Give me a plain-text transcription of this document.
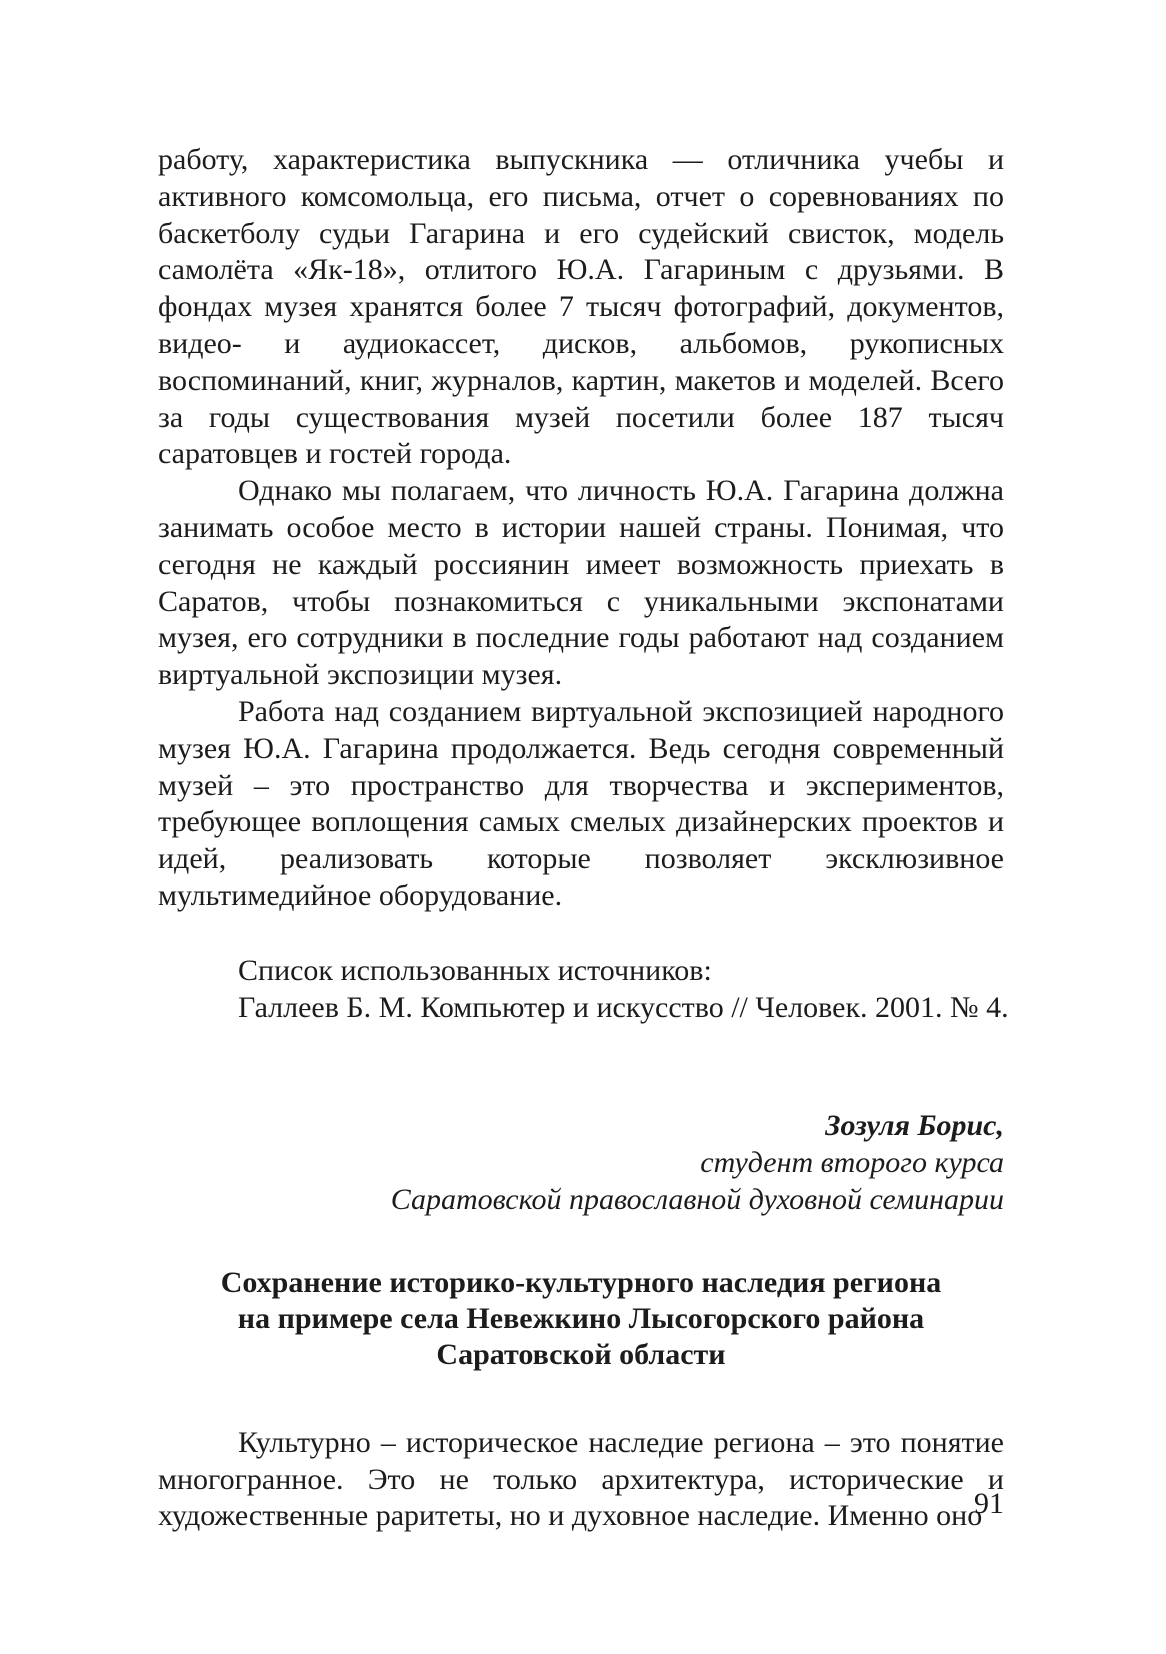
работу, характеристика выпускника — отличника учебы и активного комсомольца, его письма, отчет о соревнованиях по баскетболу судьи Гагарина и его судейский свисток, модель самолёта «Як-18», отлитого Ю.А. Гагариным с друзьями. В фондах музея хранятся более 7 тысяч фотографий, документов, видео- и аудиокассет, дисков, альбомов, рукописных воспоминаний, книг, журналов, картин, макетов и моделей. Всего за годы существования музей посетили более 187 тысяч саратовцев и гостей города.

Однако мы полагаем, что личность Ю.А. Гагарина должна занимать особое место в истории нашей страны. Понимая, что сегодня не каждый россиянин имеет возможность приехать в Саратов, чтобы познакомиться с уникальными экспонатами музея, его сотрудники в последние годы работают над созданием виртуальной экспозиции музея.

Работа над созданием виртуальной экспозицией народного музея Ю.А. Гагарина продолжается. Ведь сегодня современный музей – это пространство для творчества и экспериментов, требующее воплощения самых смелых дизайнерских проектов и идей, реализовать которые позволяет эксклюзивное мультимедийное оборудование.

Список использованных источников:
Галлеев Б. М. Компьютер и искусство // Человек. 2001. № 4.
Зозуля Борис,
студент второго курса
Саратовской православной духовной семинарии
Сохранение историко-культурного наследия региона
на примере села Невежкино Лысогорского района
Саратовской области

Культурно – историческое наследие региона – это понятие многогранное. Это не только архитектура, исторические и художественные раритеты, но и духовное наследие. Именно оно

91
